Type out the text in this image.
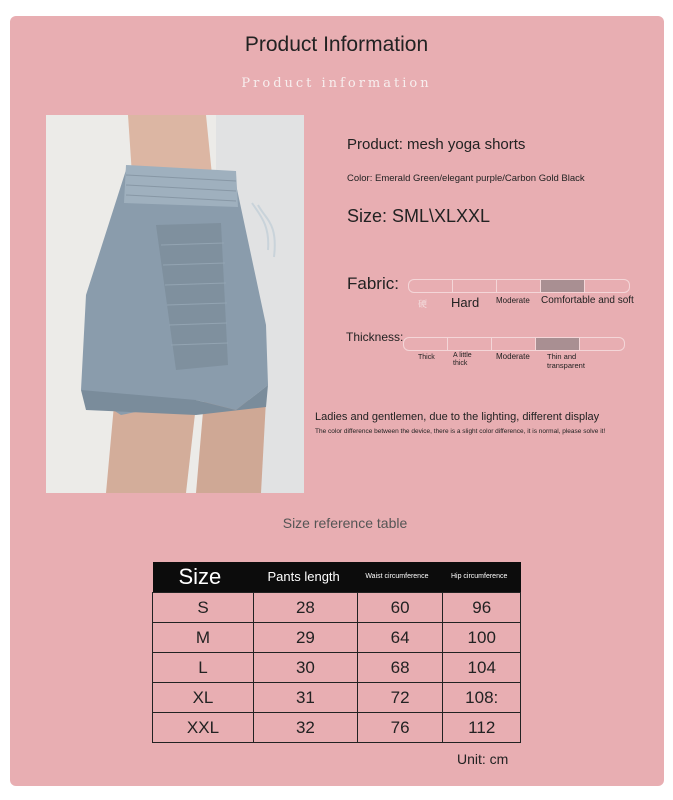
Product Information
Product information
Product: mesh yoga shorts
Color: Emerald Green/elegant purple/Carbon Gold Black
Size: SML\XLXXL
Fabric:
硬 Hard Moderate Comfortable and soft
Thickness:
Thick	A little thick
Moderate Thin and transparent
Ladies and gentlemen, due to the lighting, different display
The color difference between the device, there is a slight color difference, it is normal, please solve it!
Size reference table
Size	Pants length	Waist circumference	Hip circumference
S	28	60	96
M	29	64	100
L	30	68	104
XL	31	72	108:
XXL	32	76	112
Unit: cm
